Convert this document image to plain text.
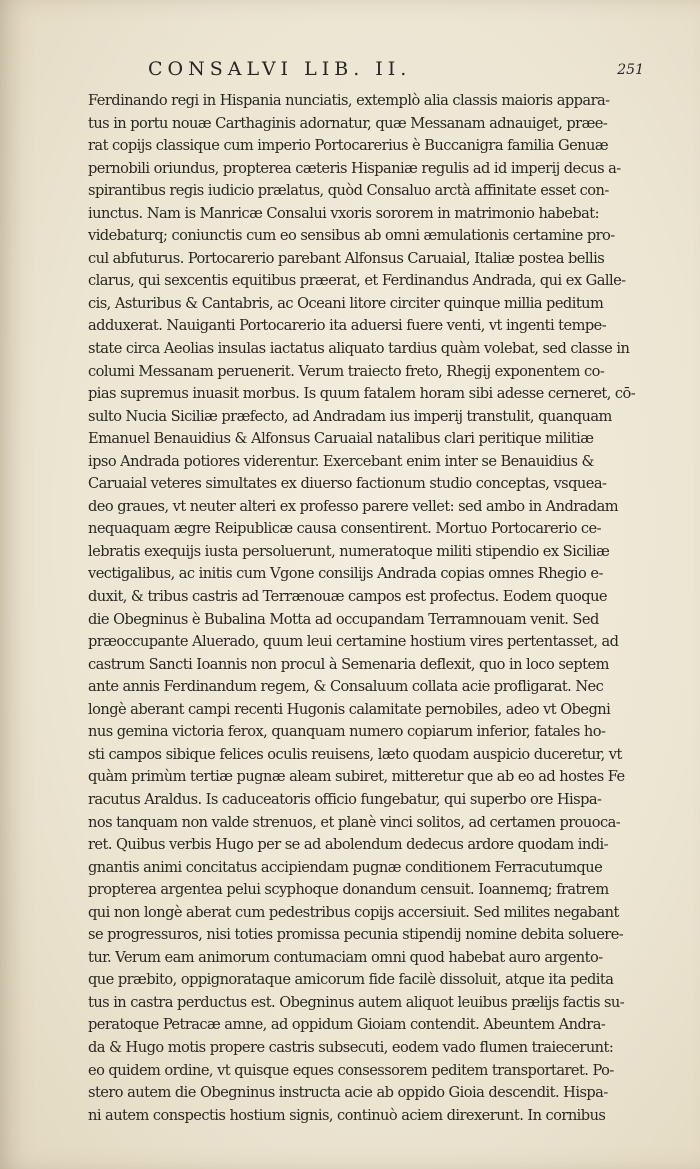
CONSALVI LIB. II.	251
Ferdinando regi in Hispania nunciatis, extemplò alia classis maioris appara-
tus in portu nouæ Carthaginis adornatur, quæ Messanam adnauiget, præe-
rat copijs classique cum imperio Portocarerius è Buccanigra familia Genuæ
pernobili oriundus, propterea cæteris Hispaniæ regulis ad id imperij decus a-
spirantibus regis iudicio prælatus, quòd Consaluo arctà affinitate esset con-
iunctus. Nam is Manricæ Consalui vxoris sororem in matrimonio habebat:
videbaturq; coniunctis cum eo sensibus ab omni æmulationis certamine pro-
cul abfuturus. Portocarerio parebant Alfonsus Caruaial, Italiæ postea bellis
clarus, qui sexcentis equitibus præerat, et Ferdinandus Andrada, qui ex Galle-
cis, Asturibus & Cantabris, ac Oceani litore circiter quinque millia peditum
adduxerat. Nauiganti Portocarerio ita aduersi fuere venti, vt ingenti tempe-
state circa Aeolias insulas iactatus aliquato tardius quàm volebat, sed classe in
columi Messanam peruenerit. Verum traiecto freto, Rhegij exponentem co-
pias supremus inuasit morbus. Is quum fatalem horam sibi adesse cerneret, cō-
sulto Nucia Siciliæ præfecto, ad Andradam ius imperij transtulit, quanquam
Emanuel Benauidius & Alfonsus Caruaial natalibus clari peritique militiæ
ipso Andrada potiores viderentur. Exercebant enim inter se Benauidius &
Caruaial veteres simultates ex diuerso factionum studio conceptas, vsquea-
deo graues, vt neuter alteri ex professo parere vellet: sed ambo in Andradam
nequaquam ægre Reipublicæ causa consentirent. Mortuo Portocarerio ce-
lebratis exequijs iusta persoluerunt, numeratoque militi stipendio ex Siciliæ
vectigalibus, ac initis cum Vgone consilijs Andrada copias omnes Rhegio e-
duxit, & tribus castris ad Terrænouæ campos est profectus. Eodem quoque
die Obegninus è Bubalina Motta ad occupandam Terramnouam venit. Sed
præoccupante Aluerado, quum leui certamine hostium vires pertentasset, ad
castrum Sancti Ioannis non procul à Semenaria deflexit, quo in loco septem
ante annis Ferdinandum regem, & Consaluum collata acie profligarat. Nec
longè aberant campi recenti Hugonis calamitate pernobiles, adeo vt Obegni
nus gemina victoria ferox, quanquam numero copiarum inferior, fatales ho-
sti campos sibique felices oculis reuisens, læto quodam auspicio duceretur, vt
quàm primùm tertiæ pugnæ aleam subiret, mitteretur que ab eo ad hostes Fe
racutus Araldus. Is caduceatoris officio fungebatur, qui superbo ore Hispa-
nos tanquam non valde strenuos, et planè vinci solitos, ad certamen prouoca-
ret. Quibus verbis Hugo per se ad abolendum dedecus ardore quodam indi-
gnantis animi concitatus accipiendam pugnæ conditionem Ferracutumque
propterea argentea pelui scyphoque donandum censuit. Ioannemq; fratrem
qui non longè aberat cum pedestribus copijs accersiuit. Sed milites negabant
se progressuros, nisi toties promissa pecunia stipendij nomine debita soluere-
tur. Verum eam animorum contumaciam omni quod habebat auro argento-
que præbito, oppignorataque amicorum fide facilè dissoluit, atque ita pedita
tus in castra perductus est. Obegninus autem aliquot leuibus prælijs factis su-
peratoque Petracæ amne, ad oppidum Gioiam contendit. Abeuntem Andra-
da & Hugo motis propere castris subsecuti, eodem vado flumen traiecerunt:
eo quidem ordine, vt quisque eques consessorem peditem transportaret. Po-
stero autem die Obegninus instructa acie ab oppido Gioia descendit. Hispa-
ni autem conspectis hostium signis, continuò aciem direxerunt. In cornibus
